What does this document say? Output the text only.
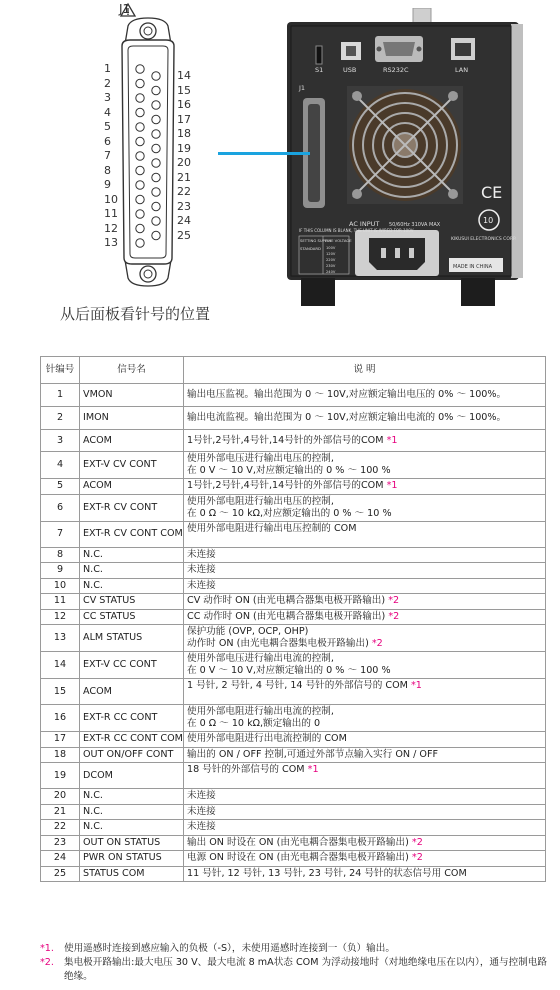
J1
1
2
3
4
5
6
7
8
9
10
11
12
13
14
15
16
17
18
19
20
21
22
23
24
25
从后面板看针号的位置
S1	USB	RS232C	LAN
J1
CE
10
AC INPUT 50/60Hz 310VA MAX
IF THIS COLUMN IS BLANK, THE UNIT IS WIRED FOR 100V
SETTING SUPPLY
LINE VOLTAGE
STANDARD 100V
120V
220V
230V
240V
KIKUSUI ELECTRONICS CORP.
MADE IN CHINA
针编号	信号名	说 明
1	VMON	输出电压监视。输出范围为 0 ～ 10V,对应额定输出电压的 0% ～ 100%。
2	IMON	输出电流监视。输出范围为 0 ～ 10V,对应额定输出电流的 0% ～ 100%。
3	ACOM	1号针,2号针,4号针,14号针的外部信号的COM *1
4	EXT-V CV CONT	使用外部电压进行输出电压的控制,
在 0 V ～ 10 V,对应额定输出的 0 % ～ 100 %
5	ACOM	1号针,2号针,4号针,14号针的外部信号的COM *1
6	EXT-R CV CONT	使用外部电阻进行输出电压的控制,
在 0 Ω ～ 10 kΩ,对应额定输出的 0 % ～ 10 %
7	EXT-R CV CONT COM	使用外部电阻进行输出电压控制的 COM
8	N.C.	未连接
9	N.C.	未连接
10	N.C.	未连接
11	CV STATUS	CV 动作时 ON (由光电耦合器集电极开路输出) *2
12	CC STATUS	CC 动作时 ON (由光电耦合器集电极开路输出) *2
13	ALM STATUS	保护功能 (OVP, OCP, OHP)
动作时 ON (由光电耦合器集电极开路输出) *2
14	EXT-V CC CONT	使用外部电压进行输出电流的控制,
在 0 V ～ 10 V,对应额定输出的 0 % ～ 100 %
15	ACOM	1 号针, 2 号针, 4 号针, 14 号针的外部信号的 COM *1
16	EXT-R CC CONT	使用外部电阻进行输出电流的控制,
在 0 Ω ～ 10 kΩ,额定输出的 0
17	EXT-R CC CONT COM	使用外部电阻进行出电流控制的 COM
18	OUT ON/OFF CONT	输出的 ON / OFF 控制,可通过外部节点输入实行 ON / OFF
19	DCOM	18 号针的外部信号的 COM *1
20	N.C.	未连接
21	N.C.	未连接
22	N.C.	未连接
23	OUT ON STATUS	输出 ON 时设在 ON (由光电耦合器集电极开路输出) *2
24	PWR ON STATUS	电源 ON 时设在 ON (由光电耦合器集电极开路输出) *2
25	STATUS COM	11 号针, 12 号针, 13 号针, 23 号针, 24 号针的状态信号用 COM
*1.	使用遥感时连接到感应输入的负极（-S），未使用遥感时连接到一（负）输出。
*2.	集电极开路输出:最大电压 30 V、最大电流 8 mA状态 COM 为浮动接地时（对地绝缘电压在以内），通与控制电路绝缘。
